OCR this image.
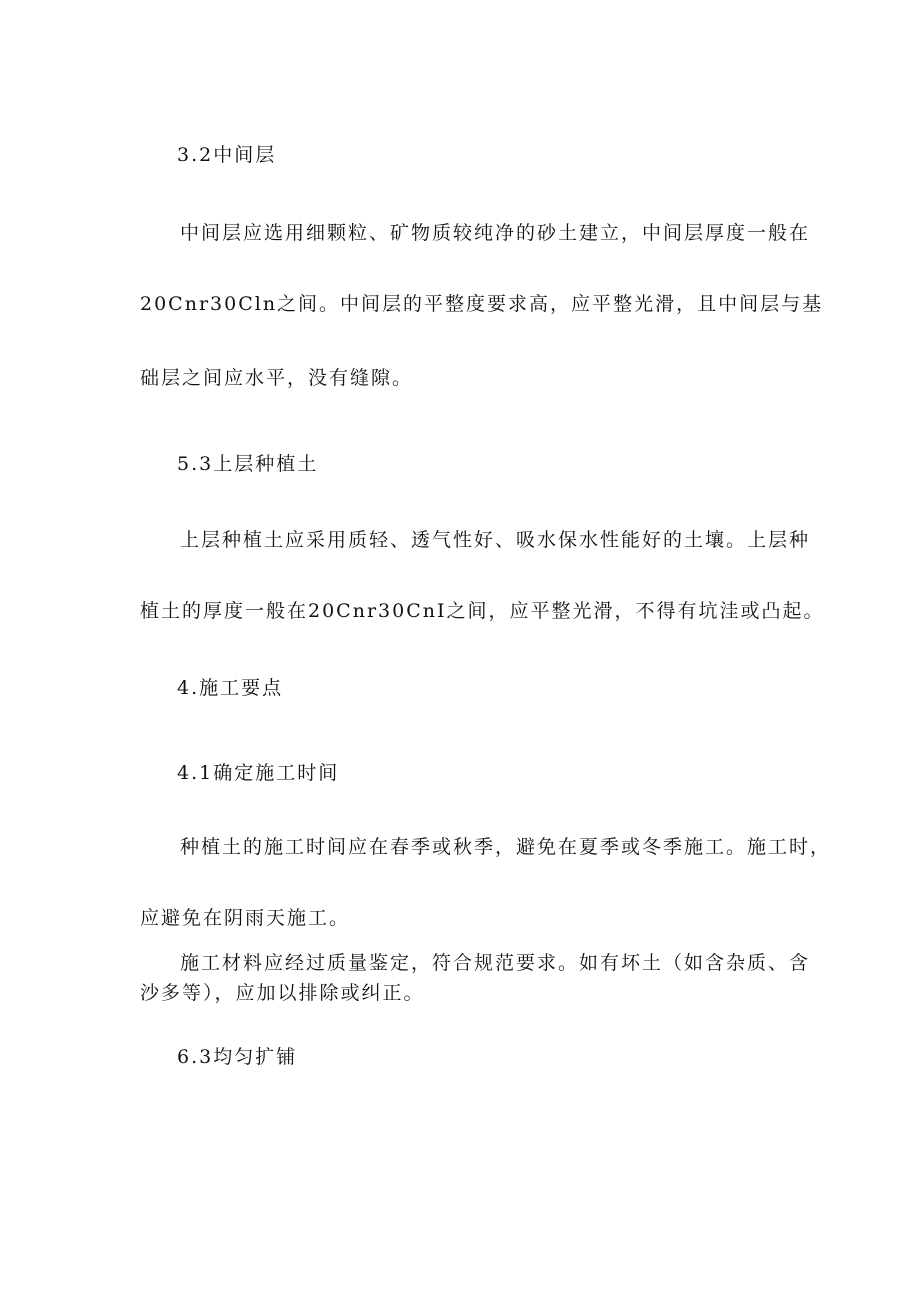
3.2中间层
中间层应选用细颗粒、矿物质较纯净的砂土建立，中间层厚度一般在
20Cnr30Cln之间。中间层的平整度要求高，应平整光滑，且中间层与基
础层之间应水平，没有缝隙。
5.3上层种植土
上层种植土应采用质轻、透气性好、吸水保水性能好的土壤。上层种
植土的厚度一般在20Cnr30CnI之间，应平整光滑，不得有坑洼或凸起。
4.施工要点
4.1确定施工时间
种植土的施工时间应在春季或秋季，避免在夏季或冬季施工。施工时，
应避免在阴雨天施工。
施工材料应经过质量鉴定，符合规范要求。如有坏土（如含杂质、含
沙多等），应加以排除或纠正。
6.3均匀扩铺
